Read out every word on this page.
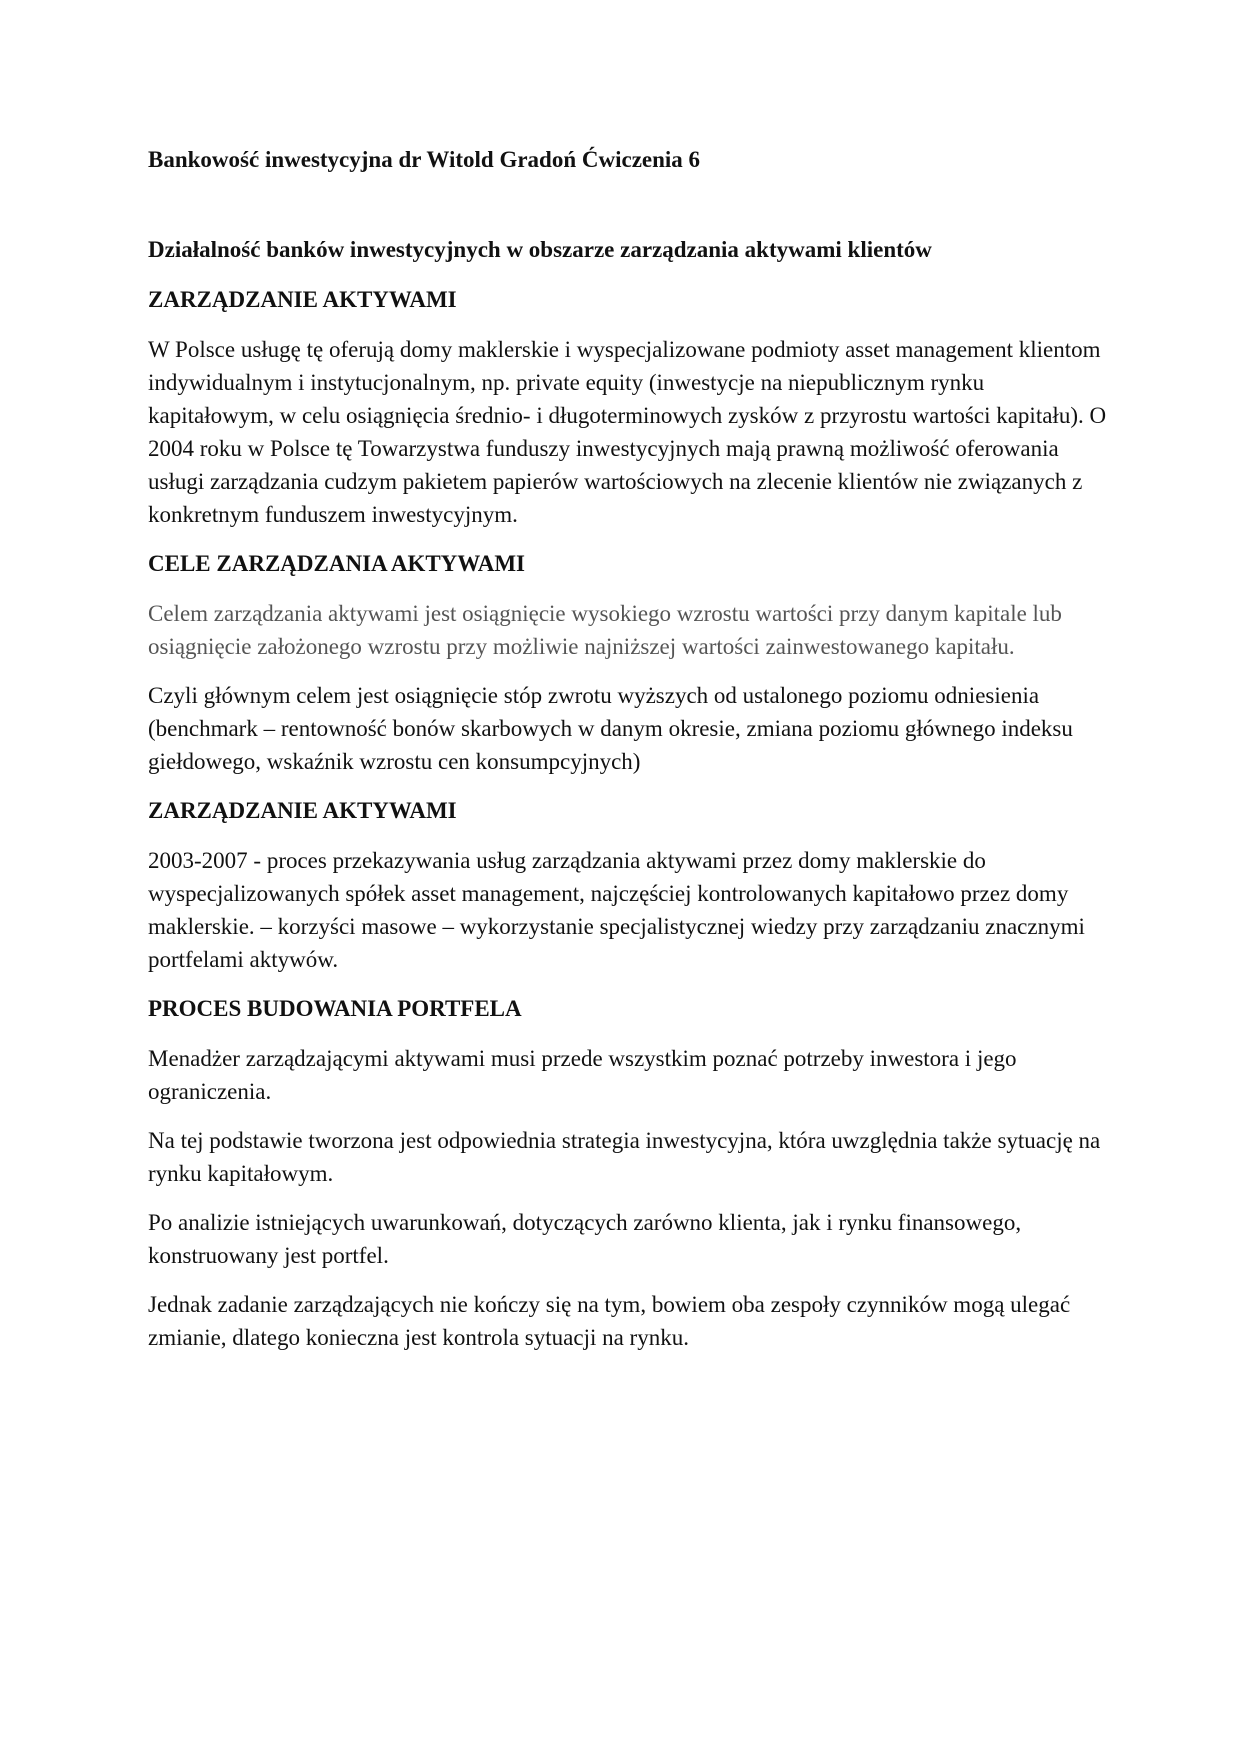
Bankowość inwestycyjna dr Witold Gradoń Ćwiczenia 6
Działalność banków inwestycyjnych w obszarze zarządzania aktywami klientów
ZARZĄDZANIE AKTYWAMI

W Polsce usługę tę oferują domy maklerskie i wyspecjalizowane podmioty asset management klientom indywidualnym i instytucjonalnym, np. private equity (inwestycje na niepublicznym rynku kapitałowym, w celu osiągnięcia średnio- i długoterminowych zysków z przyrostu wartości kapitału). O 2004 roku w Polsce tę Towarzystwa funduszy inwestycyjnych mają prawną możliwość oferowania usługi zarządzania cudzym pakietem papierów wartościowych na zlecenie klientów nie związanych z konkretnym funduszem inwestycyjnym.

CELE ZARZĄDZANIA AKTYWAMI

Celem zarządzania aktywami jest osiągnięcie wysokiego wzrostu wartości przy danym kapitale lub osiągnięcie założonego wzrostu przy możliwie najniższej wartości zainwestowanego kapitału.

Czyli głównym celem jest osiągnięcie stóp zwrotu wyższych od ustalonego poziomu odniesienia (benchmark – rentowność bonów skarbowych w danym okresie, zmiana poziomu głównego indeksu giełdowego, wskaźnik wzrostu cen konsumpcyjnych)

ZARZĄDZANIE AKTYWAMI

2003-2007 - proces przekazywania usług zarządzania aktywami przez domy maklerskie do wyspecjalizowanych spółek asset management, najczęściej kontrolowanych kapitałowo przez domy maklerskie. – korzyści masowe – wykorzystanie specjalistycznej wiedzy przy zarządzaniu znacznymi portfelami aktywów.

PROCES BUDOWANIA PORTFELA

Menadżer zarządzającymi aktywami musi przede wszystkim poznać potrzeby inwestora i jego ograniczenia.

Na tej podstawie tworzona jest odpowiednia strategia inwestycyjna, która uwzględnia także sytuację na rynku kapitałowym.

Po analizie istniejących uwarunkowań, dotyczących zarówno klienta, jak i rynku finansowego, konstruowany jest portfel.

Jednak zadanie zarządzających nie kończy się na tym, bowiem oba zespoły czynników mogą ulegać zmianie, dlatego konieczna jest kontrola sytuacji na rynku.
